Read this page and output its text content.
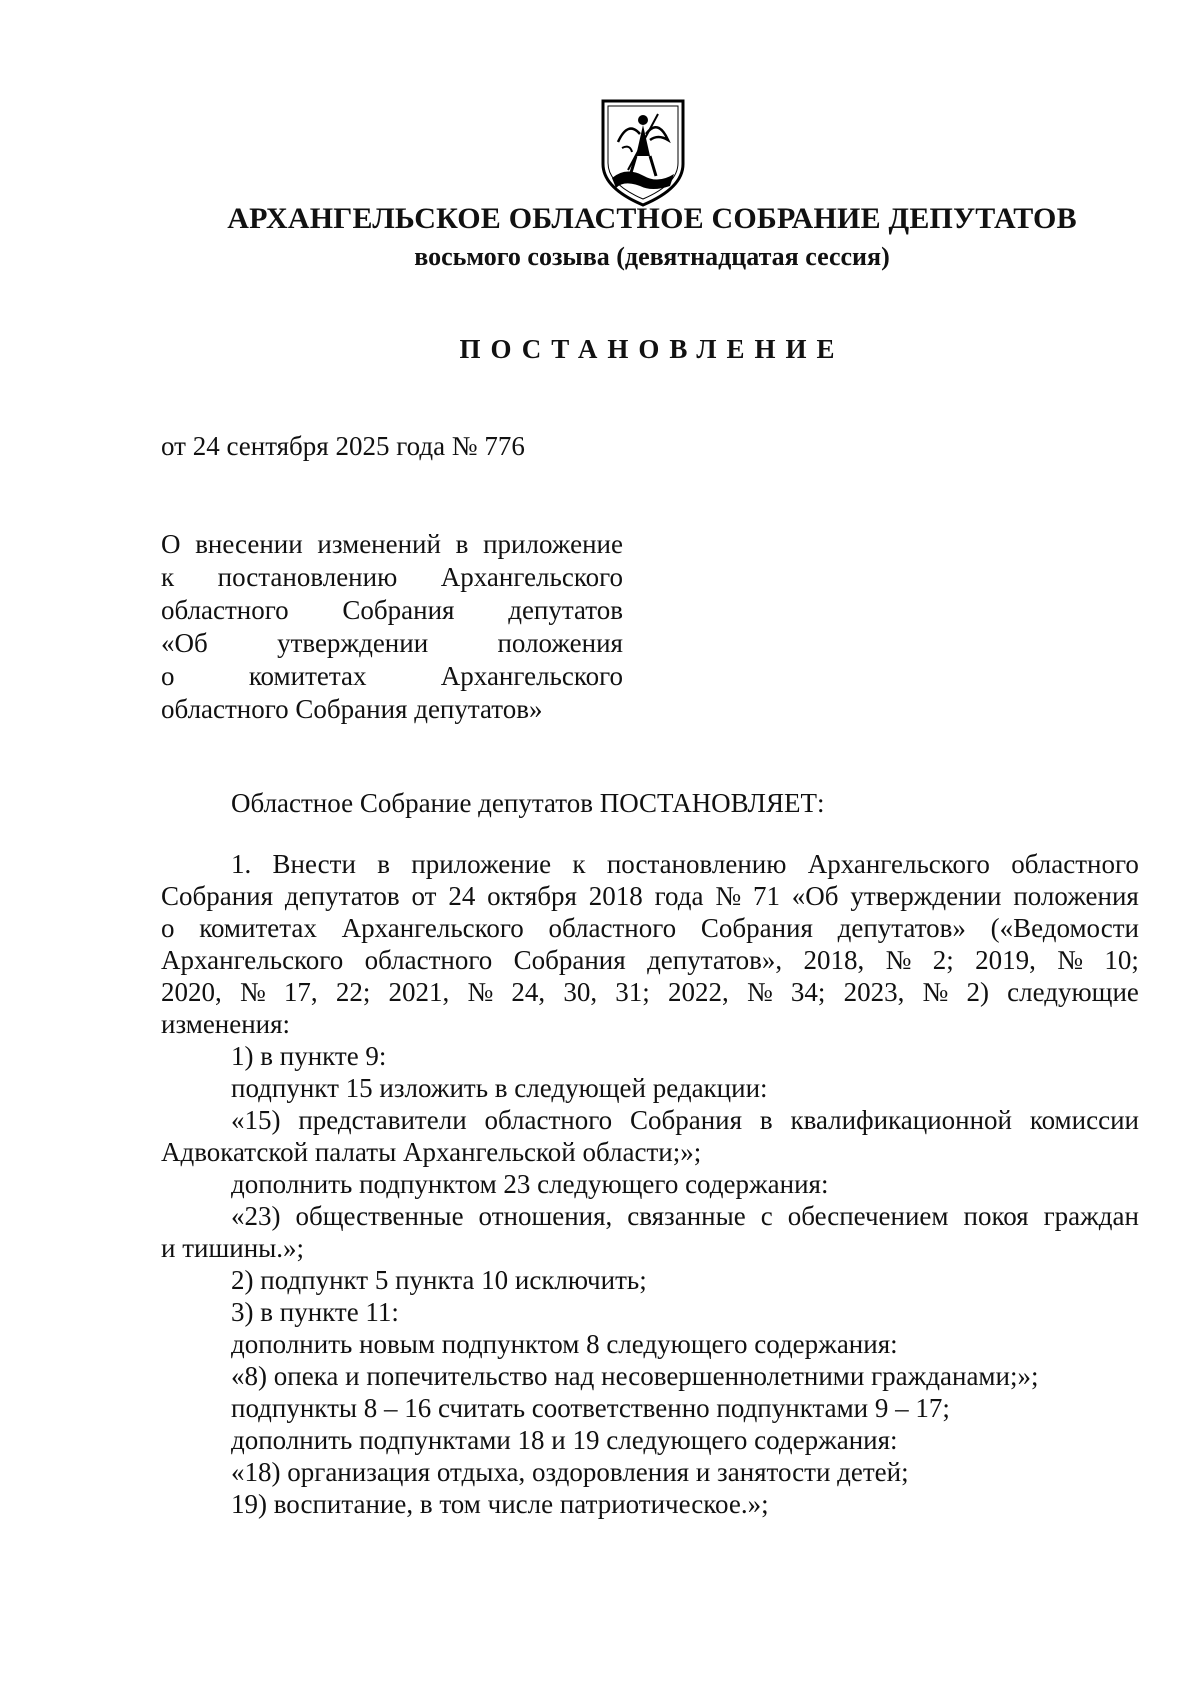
АРХАНГЕЛЬСКОЕ ОБЛАСТНОЕ СОБРАНИЕ ДЕПУТАТОВ
восьмого созыва (девятнадцатая сессия)
ПОСТАНОВЛЕНИЕ
от 24 сентября 2025 года № 776
О внесении изменений в приложение
к постановлению Архангельского
областного Собрания депутатов
«Об	утверждении	положения
о	комитетах	Архангельского
областного Собрания депутатов»
Областное Собрание депутатов ПОСТАНОВЛЯЕТ:
1. Внести в приложение к постановлению Архангельского областного
Собрания депутатов от 24 октября 2018 года № 71 «Об утверждении положения
о комитетах Архангельского областного Собрания депутатов» («Ведомости
Архангельского областного Собрания депутатов», 2018, № 2; 2019, № 10;
2020, № 17, 22; 2021, № 24, 30, 31; 2022, № 34; 2023, № 2) следующие
изменения:
1) в пункте 9:
подпункт 15 изложить в следующей редакции:
«15) представители областного Собрания в квалификационной комиссии
Адвокатской палаты Архангельской области;»;
дополнить подпунктом 23 следующего содержания:
«23) общественные отношения, связанные с обеспечением покоя граждан
и тишины.»;
2) подпункт 5 пункта 10 исключить;
3) в пункте 11:
дополнить новым подпунктом 8 следующего содержания:
«8) опека и попечительство над несовершеннолетними гражданами;»;
подпункты 8 – 16 считать соответственно подпунктами 9 – 17;
дополнить подпунктами 18 и 19 следующего содержания:
«18) организация отдыха, оздоровления и занятости детей;
19) воспитание, в том числе патриотическое.»;
